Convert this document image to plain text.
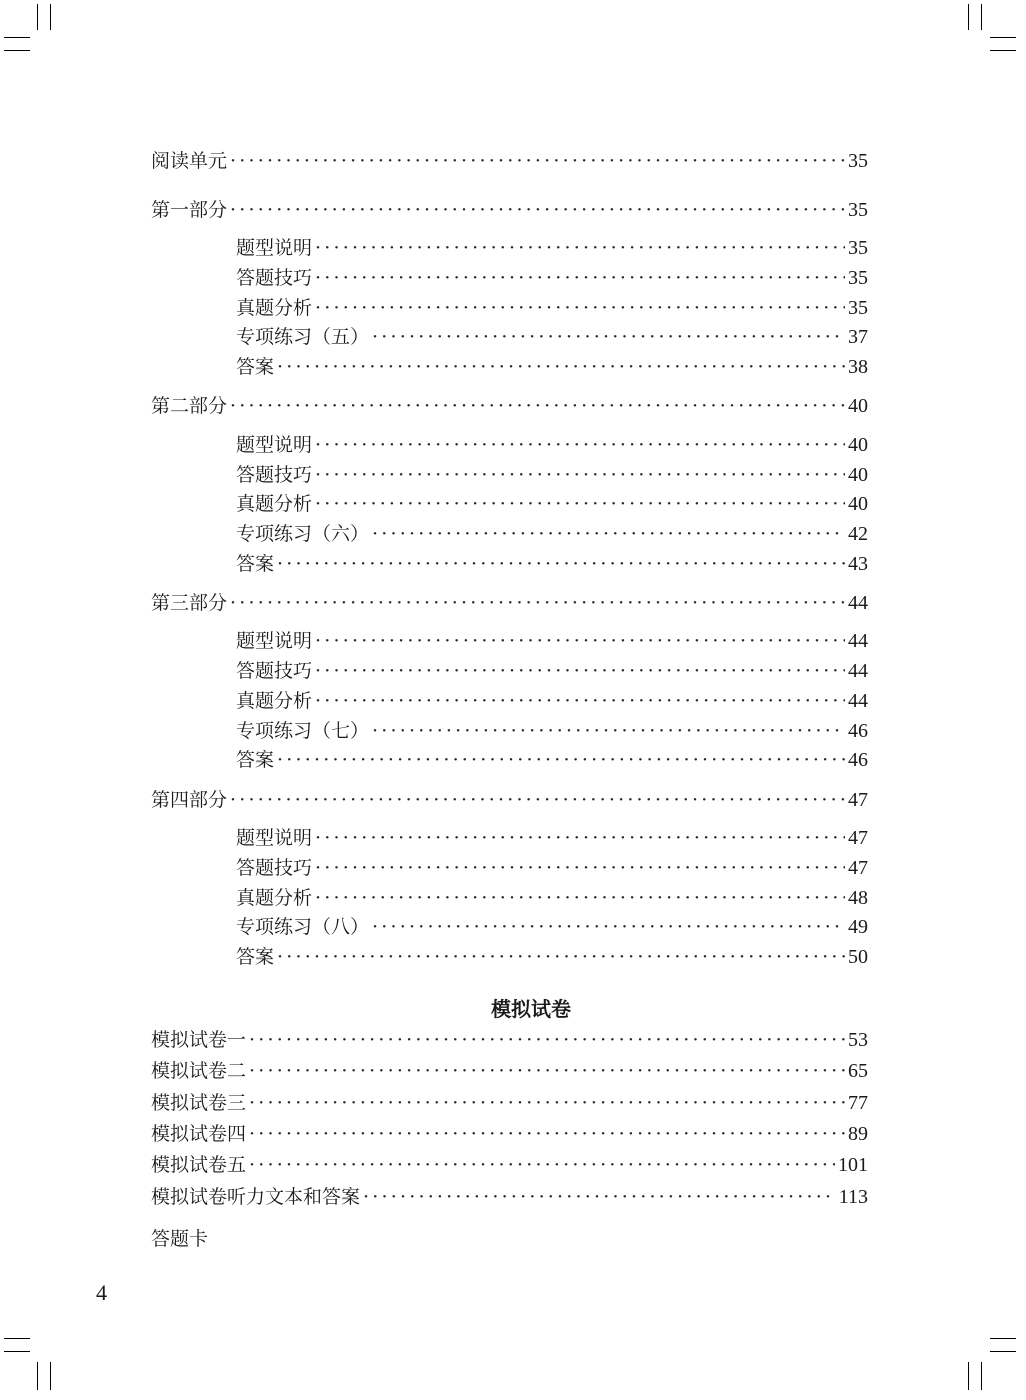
阅读单元 ·····	35
第一部分 ·····	35
题型说明 ·····	35
答题技巧 ·····	35
真题分析 ·····	35
专项练习（五） ·····	37
答案 ·····	38
第二部分 ·····	40
题型说明 ·····	40
答题技巧 ·····	40
真题分析 ·····	40
专项练习（六） ·····	42
答案 ·····	43
第三部分 ·····	44
题型说明 ·····	44
答题技巧 ·····	44
真题分析 ·····	44
专项练习（七） ·····	46
答案 ·····	46
第四部分 ·····	47
题型说明 ·····	47
答题技巧 ·····	47
真题分析 ·····	48
专项练习（八） ·····	49
答案 ·····	50
模拟试卷
模拟试卷一 ·····	53
模拟试卷二 ·····	65
模拟试卷三 ·····	77
模拟试卷四 ·····	89
模拟试卷五 ·····	101
模拟试卷听力文本和答案 ·····	113
答题卡
4
